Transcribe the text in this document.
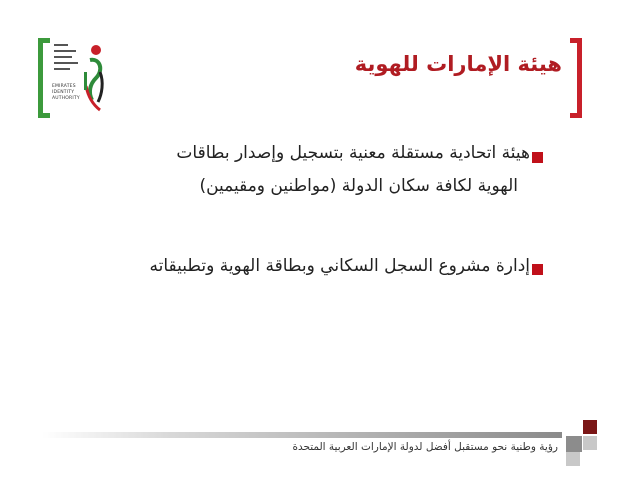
EMIRATES
IDENTITY
AUTHORITY
هيئة الإمارات للهوية
هيئة اتحادية مستقلة معنية بتسجيل وإصدار بطاقات
الهوية لكافة سكان الدولة (مواطنين ومقيمين)
إدارة مشروع السجل السكاني وبطاقة الهوية وتطبيقاته
رؤية وطنية نحو مستقبل أفضل لدولة الإمارات العربية المتحدة
